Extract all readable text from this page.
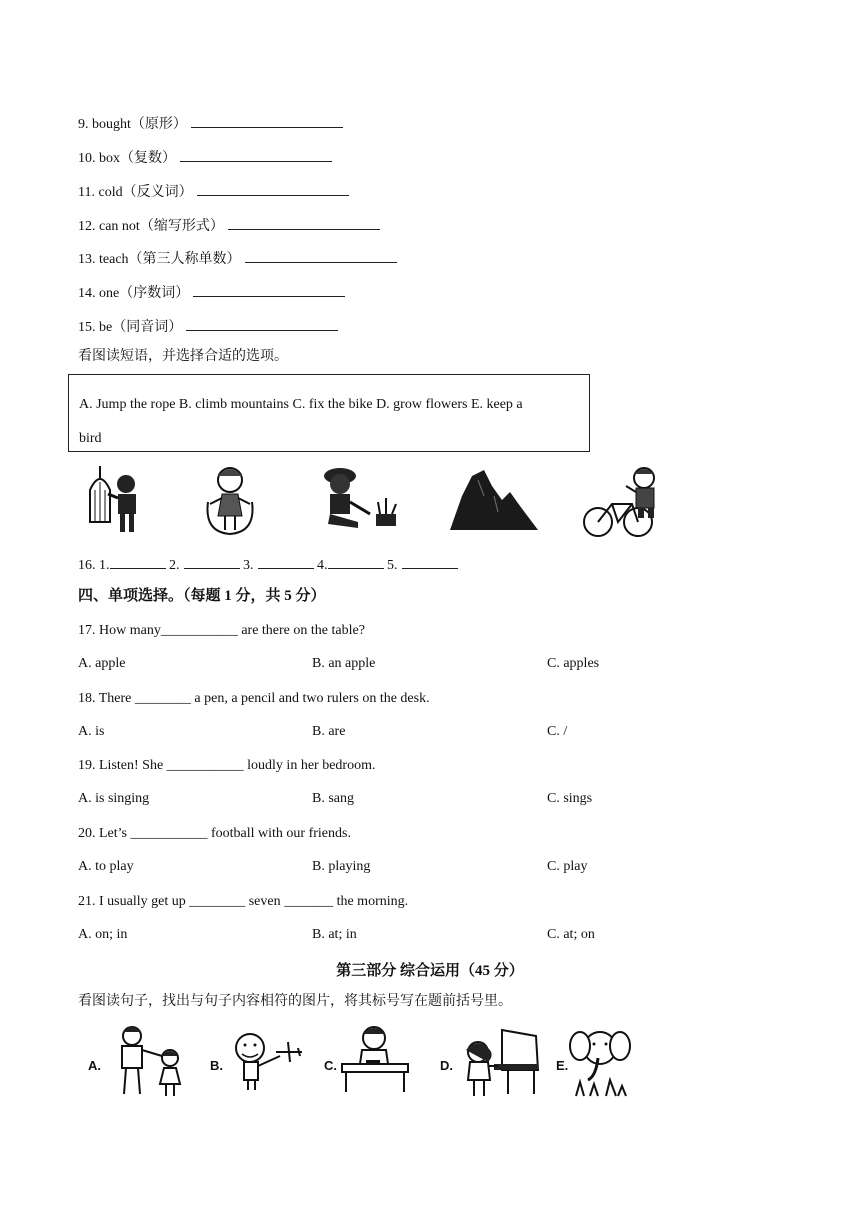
9. bought（原形）
10. box（复数）
11. cold（反义词）
12. can not（缩写形式）
13. teach（第三人称单数）
14. one（序数词）
15. be（同音词）
看图读短语，并选择合适的选项。
A. Jump the rope B. climb mountains C. fix the bike D. grow flowers E. keep a
bird
16. 1.	2.	3.	4.	5.
四、单项选择。（每题 1 分，共 5 分）
17. How many___________ are there on the table?
A. apple	B. an apple	C. apples
18. There ________ a pen, a pencil and two rulers on the desk.
A. is	B. are	C. /
19. Listen! She ___________ loudly in her bedroom.
A. is singing	B. sang	C. sings
20. Let’s ___________ football with our friends.
A. to play	B. playing	C. play
21. I usually get up ________ seven _______ the morning.
A. on; in	B. at; in	C. at; on
第三部分 综合运用（45 分）
看图读句子，找出与句子内容相符的图片，将其标号写在题前括号里。
A.	B.	C.	D.	E.
